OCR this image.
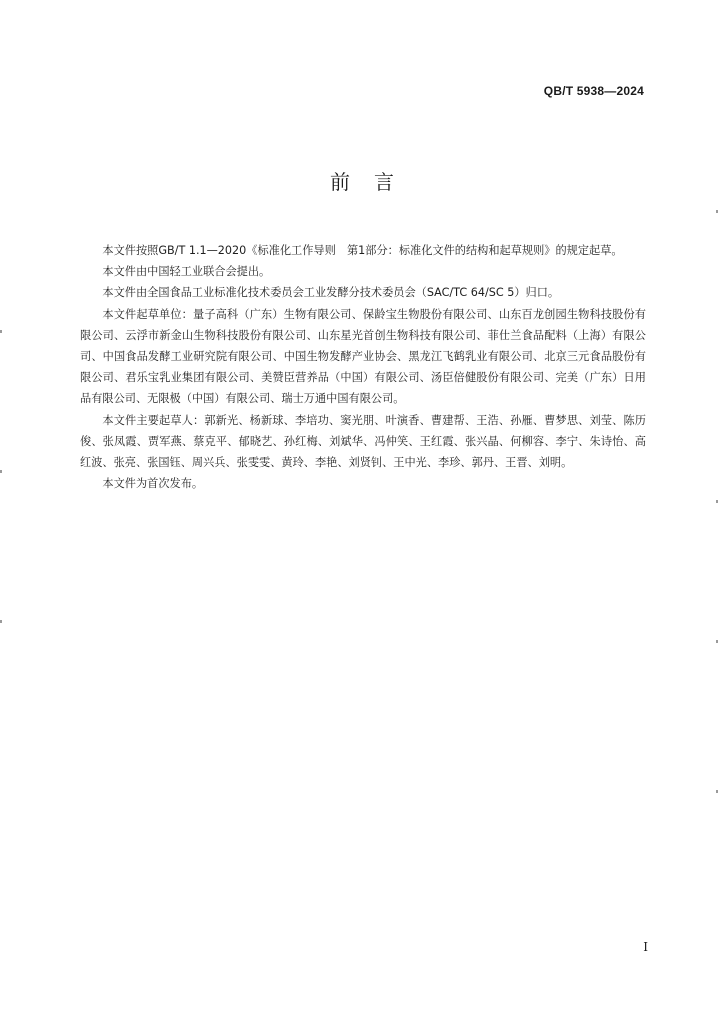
QB/T 5938—2024
前言

本文件按照GB/T 1.1—2020《标准化工作导则　第1部分：标准化文件的结构和起草规则》的规定起草。

本文件由中国轻工业联合会提出。

本文件由全国食品工业标准化技术委员会工业发酵分技术委员会（SAC/TC 64/SC 5）归口。

本文件起草单位：量子高科（广东）生物有限公司、保龄宝生物股份有限公司、山东百龙创园生物科技股份有限公司、云浮市新金山生物科技股份有限公司、山东星光首创生物科技有限公司、菲仕兰食品配料（上海）有限公司、中国食品发酵工业研究院有限公司、中国生物发酵产业协会、黑龙江飞鹤乳业有限公司、北京三元食品股份有限公司、君乐宝乳业集团有限公司、美赞臣营养品（中国）有限公司、汤臣倍健股份有限公司、完美（广东）日用品有限公司、无限极（中国）有限公司、瑞士万通中国有限公司。

本文件主要起草人：郭新光、杨新球、李培功、窦光朋、叶演香、曹建帮、王浩、孙雁、曹梦思、刘莹、陈历俊、张凤霞、贾军燕、蔡克平、郁晓艺、孙红梅、刘斌华、冯仲笑、王红霞、张兴晶、何柳容、李宁、朱诗怡、高红波、张亮、张国钰、周兴兵、张雯雯、黄玲、李艳、刘贤钊、王中光、李珍、郭丹、王晋、刘明。

本文件为首次发布。

I
